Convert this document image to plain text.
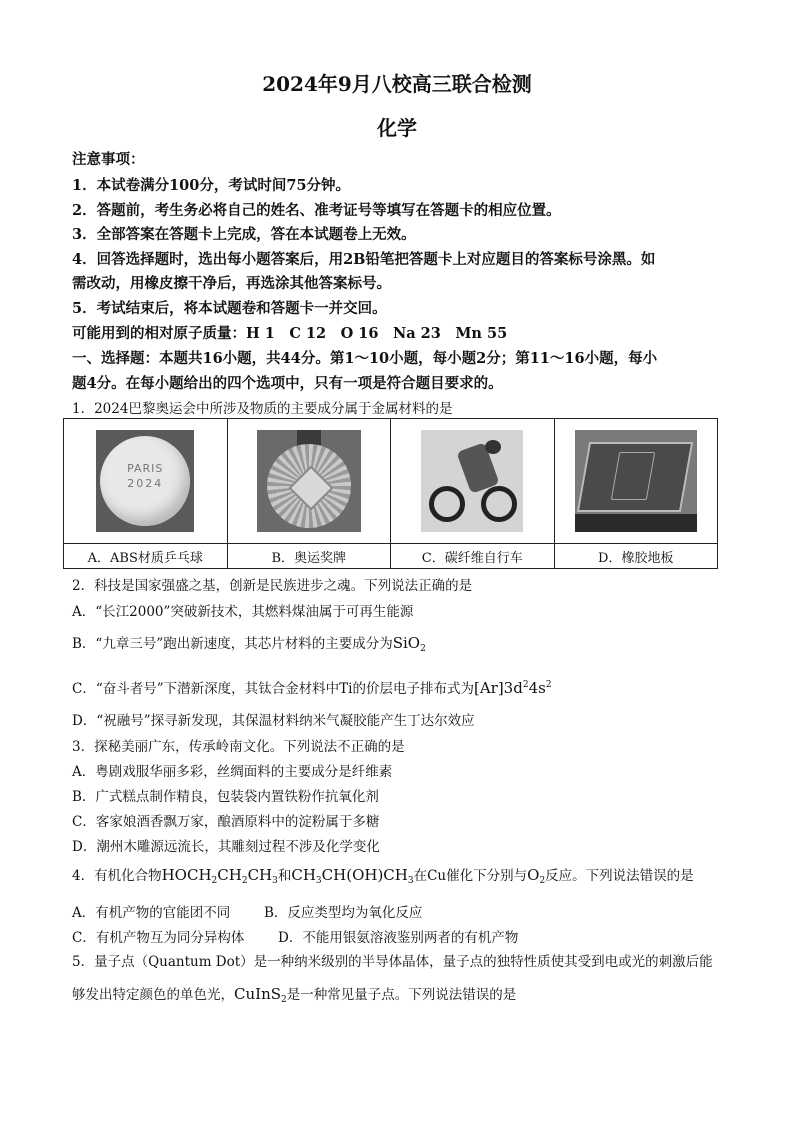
2024年9月八校高三联合检测
化学
注意事项：
1．本试卷满分100分，考试时间75分钟。
2．答题前，考生务必将自己的姓名、准考证号等填写在答题卡的相应位置。
3．全部答案在答题卡上完成，答在本试题卷上无效。
4．回答选择题时，选出每小题答案后，用2B铅笔把答题卡上对应题目的答案标号涂黑。如
需改动，用橡皮擦干净后，再选涂其他答案标号。
5．考试结束后，将本试题卷和答题卡一并交回。
可能用到的相对原子质量：H 1　C 12　O 16　Na 23　Mn 55
一、选择题：本题共16小题，共44分。第1～10小题，每小题2分；第11～16小题，每小
题4分。在每小题给出的四个选项中，只有一项是符合题目要求的。
1．2024巴黎奥运会中所涉及物质的主要成分属于金属材料的是
PARIS
2024			

A．ABS材质乒乓球	B．奥运奖牌	C．碳纤维自行车	D．橡胶地板
2．科技是国家强盛之基，创新是民族进步之魂。下列说法正确的是
A．“长江2000”突破新技术，其燃料煤油属于可再生能源
B．“九章三号”跑出新速度，其芯片材料的主要成分为SiO$_2$
C．“奋斗者号”下潜新深度，其钛合金材料中Ti的价层电子排布式为$[Ar]3d^24s^2$
D．“祝融号”探寻新发现，其保温材料纳米气凝胶能产生丁达尔效应
3．探秘美丽广东，传承岭南文化。下列说法不正确的是
A．粤剧戏服华丽多彩，丝绸面料的主要成分是纤维素
B．广式糕点制作精良，包装袋内置铁粉作抗氧化剂
C．客家娘酒香飘万家，酿酒原料中的淀粉属于多糖
D．潮州木雕源远流长，其雕刻过程不涉及化学变化
4．有机化合物$HOCH_2CH_2CH_3$和$CH_3CH(OH)CH_3$在Cu催化下分别与$O_2$反应。下列说法错误的是
A．有机产物的官能团不同	B．反应类型均为氧化反应
C．有机产物互为同分异构体 D．不能用银氨溶液鉴别两者的有机产物
5．量子点（Quantum Dot）是一种纳米级别的半导体晶体，量子点的独特性质使其受到电或光的刺激后能
够发出特定颜色的单色光，CuInS$_2$是一种常见量子点。下列说法错误的是
